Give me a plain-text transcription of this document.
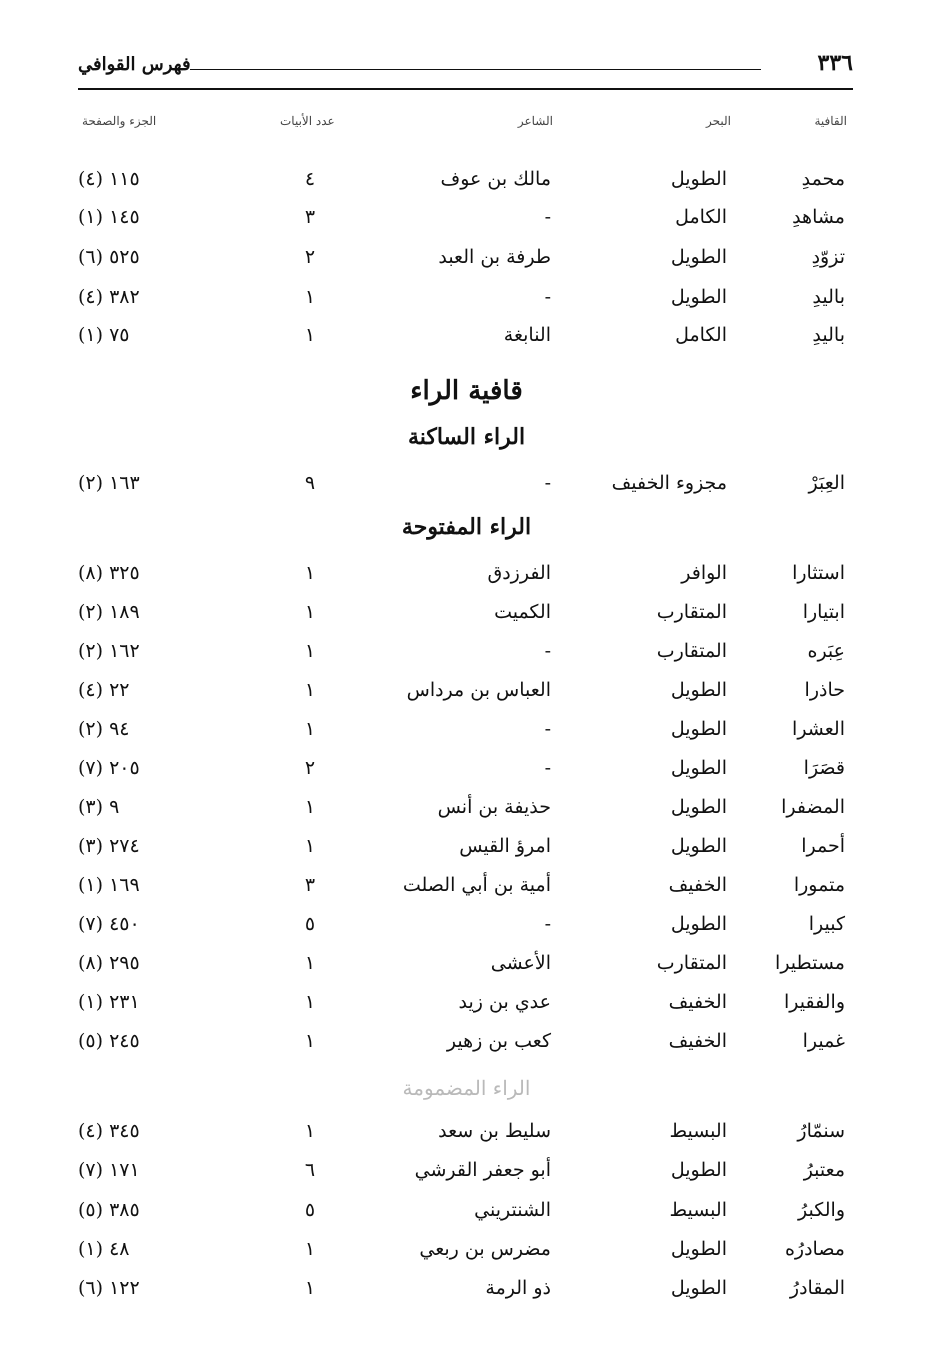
فهرس القوافي	٣٣٦
القافية
البحر
الشاعر
عدد الأبيات
الجزء والصفحة
محمدِ
الطويل
مالك بن عوف
٤
(٤) ١١٥
مشاهدِ
الكامل
-
٣
(١) ١٤٥
تزوّدِ
الطويل
طرفة بن العبد
٢
(٦) ٥٢٥
باليدِ
الطويل
-
١
(٤) ٣٨٢
باليدِ
الكامل
النابغة
١
(١) ٧٥
قافية الراء
الراء الساكنة
العِبَرْ
مجزوء الخفيف
-
٩
(٢) ١٦٣
الراء المفتوحة
استثارا
الوافر
الفرزدق
١
(٨) ٣٢٥
ابتيارا
المتقارب
الكميت
١
(٢) ١٨٩
عِبَره
المتقارب
-
١
(٢) ١٦٢
حاذرا
الطويل
العباس بن مرداس
١
(٤) ٢٢
العشرا
الطويل
-
١
(٢) ٩٤
قصَرَا
الطويل
-
٢
(٧) ٢٠٥
المضفرا
الطويل
حذيفة بن أنس
١
(٣) ٩
أحمرا
الطويل
امرؤ القيس
١
(٣) ٢٧٤
متمورا
الخفيف
أمية بن أبي الصلت
٣
(١) ١٦٩
كبيرا
الطويل
-
٥
(٧) ٤٥٠
مستطيرا
المتقارب
الأعشى
١
(٨) ٢٩٥
والفقيرا
الخفيف
عدي بن زيد
١
(١) ٢٣١
غميرا
الخفيف
كعب بن زهير
١
(٥) ٢٤٥
الراء المضمومة
سنمّارُ
البسيط
سليط بن سعد
١
(٤) ٣٤٥
معتبرُ
الطويل
أبو جعفر القرشي
٦
(٧) ١٧١
والكبرُ
البسيط
الشنتريني
٥
(٥) ٣٨٥
مصادرُه
الطويل
مضرس بن ربعي
١
(١) ٤٨
المقادرُ
الطويل
ذو الرمة
١
(٦) ١٢٢
